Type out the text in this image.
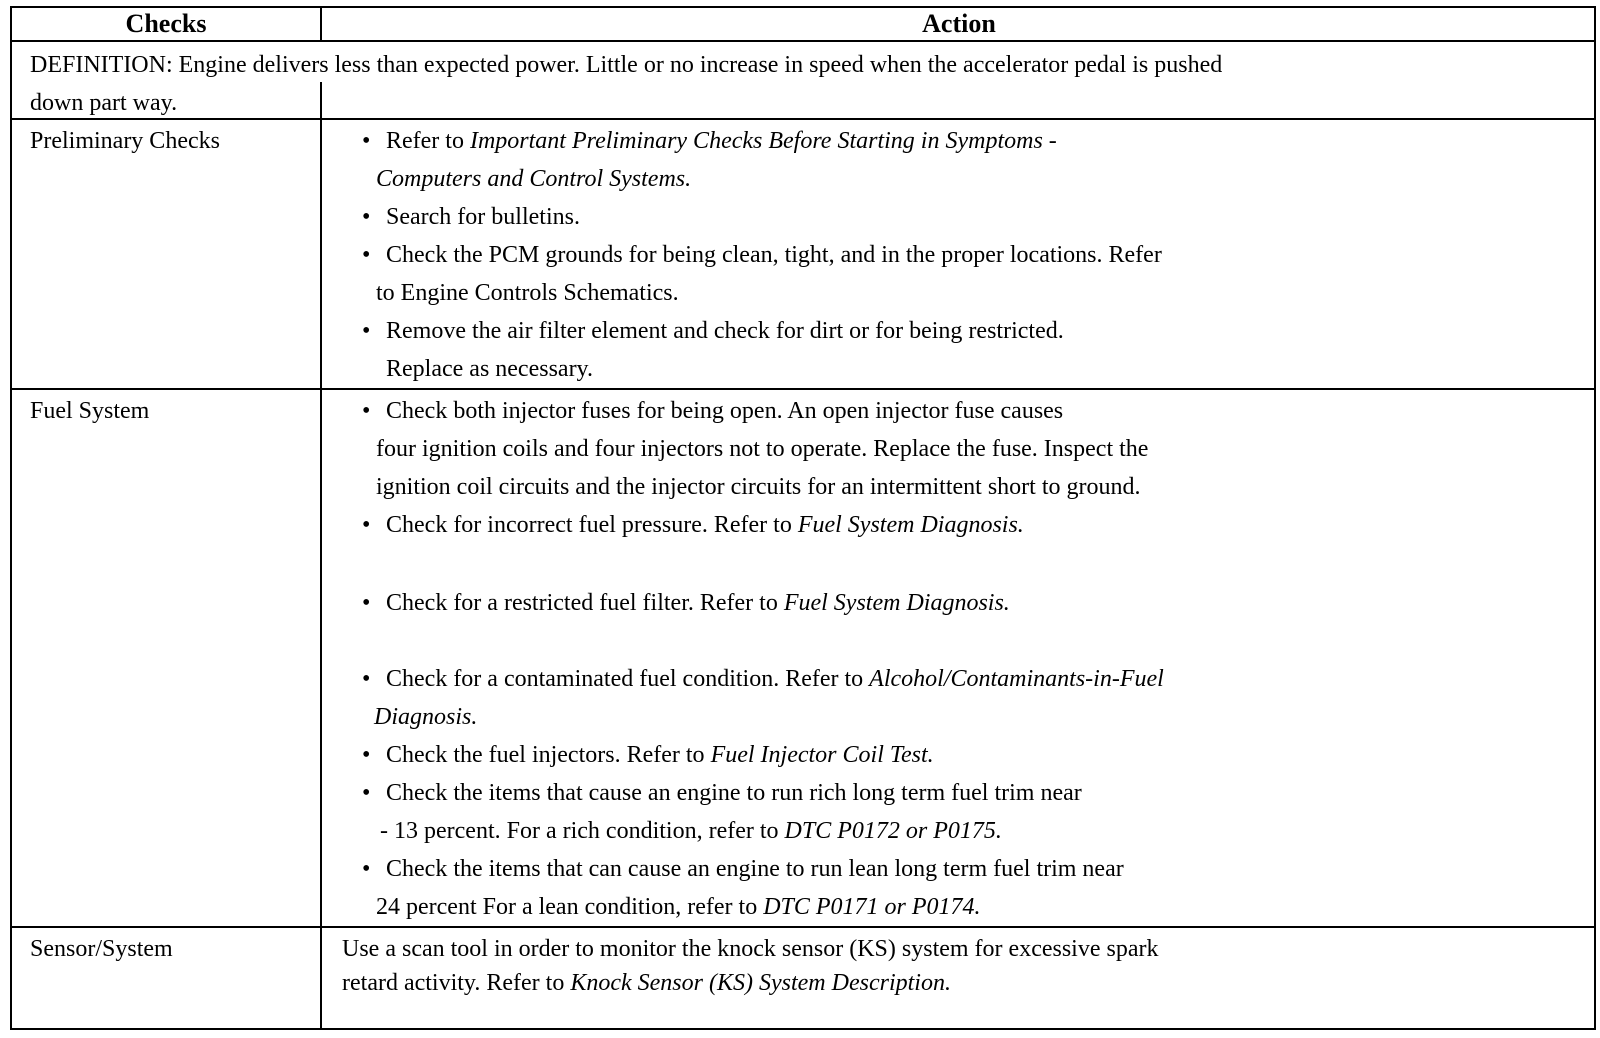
Checks	Action
DEFINITION: Engine delivers less than expected power. Little or no increase in speed when the accelerator pedal is pushed
down part way.
Preliminary Checks	• Refer to Important Preliminary Checks Before Starting in Symptoms -
Computers and Control Systems.
• Search for bulletins.
• Check the PCM grounds for being clean, tight, and in the proper locations. Refer
to Engine Controls Schematics.
• Remove the air filter element and check for dirt or for being restricted.
Replace as necessary.
Fuel System	• Check both injector fuses for being open. An open injector fuse causes
four ignition coils and four injectors not to operate. Replace the fuse. Inspect the
ignition coil circuits and the injector circuits for an intermittent short to ground.
• Check for incorrect fuel pressure. Refer to Fuel System Diagnosis.
• Check for a restricted fuel filter. Refer to Fuel System Diagnosis.
• Check for a contaminated fuel condition. Refer to Alcohol/Contaminants-in-Fuel
Diagnosis.
• Check the fuel injectors. Refer to Fuel Injector Coil Test.
• Check the items that cause an engine to run rich long term fuel trim near
- 13 percent. For a rich condition, refer to DTC P0172 or P0175.
• Check the items that can cause an engine to run lean long term fuel trim near
24 percent For a lean condition, refer to DTC P0171 or P0174.
Sensor/System	Use a scan tool in order to monitor the knock sensor (KS) system for excessive spark
retard activity. Refer to Knock Sensor (KS) System Description.
